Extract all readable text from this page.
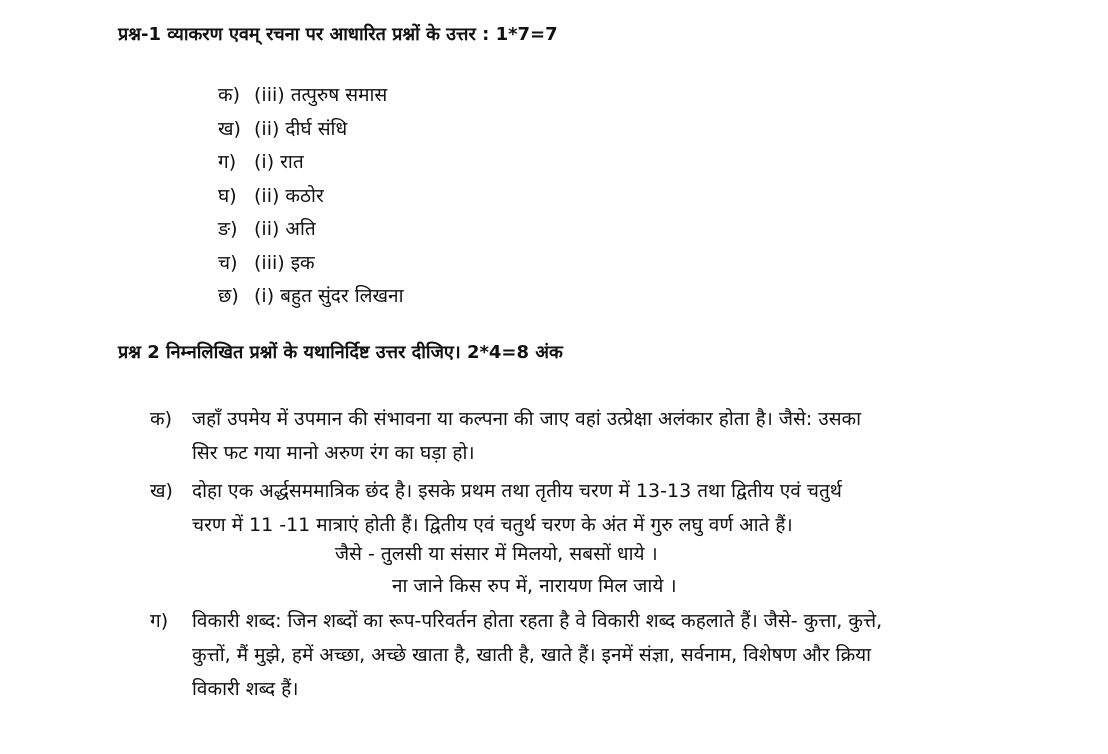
प्रश्न-1 व्याकरण एवम् रचना पर आधारित प्रश्नों के उत्तर : 1*7=7
क) (iii) तत्पुरुष समास
ख) (ii) दीर्घ संधि
ग) (i) रात
घ) (ii) कठोर
ङ) (ii) अति
च) (iii) इक
छ) (i) बहुत सुंदर लिखना
प्रश्न 2 निम्नलिखित प्रश्नों के यथानिर्दिष्ट उत्तर दीजिए। 2*4=8 अंक
क) जहाँ उपमेय में उपमान की संभावना या कल्पना की जाए वहां उत्प्रेक्षा अलंकार होता है। जैसे: उसका
सिर फट गया मानो अरुण रंग का घड़ा हो।
ख) दोहा एक अर्द्धसममात्रिक छंद है। इसके प्रथम तथा तृतीय चरण में 13-13 तथा द्वितीय एवं चतुर्थ
चरण में 11 -11 मात्राएं होती हैं। द्वितीय एवं चतुर्थ चरण के अंत में गुरु लघु वर्ण आते हैं।
जैसे - तुलसी या संसार में मिलयो, सबसों धाये ।
ना जाने किस रुप में, नारायण मिल जाये ।
ग) विकारी शब्द: जिन शब्दों का रूप-परिवर्तन होता रहता है वे विकारी शब्द कहलाते हैं। जैसे- कुत्ता, कुत्ते,
कुत्तों, मैं मुझे, हमें अच्छा, अच्छे खाता है, खाती है, खाते हैं। इनमें संज्ञा, सर्वनाम, विशेषण और क्रिया
विकारी शब्द हैं।
